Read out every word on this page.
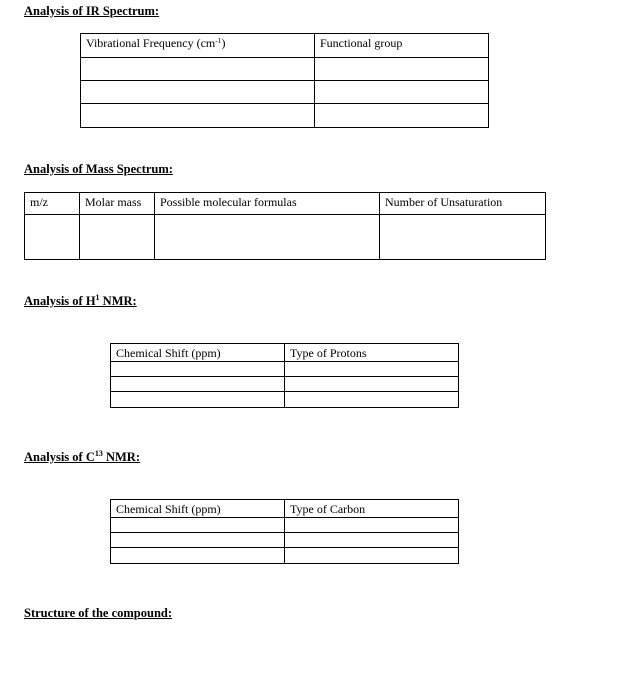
Analysis of IR Spectrum:
Vibrational Frequency $(cm^{-1})$	Functional group

Analysis of Mass Spectrum:
m/z	Molar mass	Possible molecular formulas	Number of Unsaturation

Analysis of $H^1$ NMR:
Chemical Shift (ppm)	Type of Protons

Analysis of $C^{13}$ NMR:
Chemical Shift (ppm)	Type of Carbon

Structure of the compound:
